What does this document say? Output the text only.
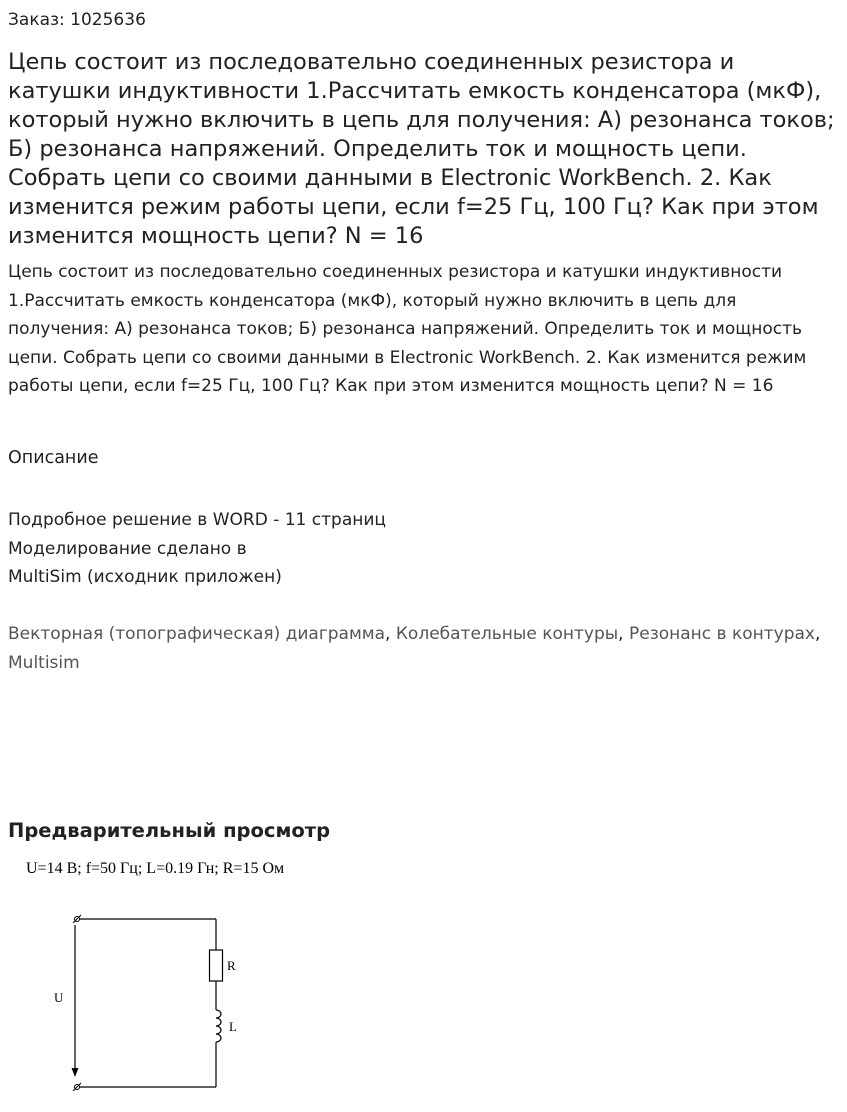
Заказ: 1025636
Цепь состоит из последовательно соединенных резистора и катушки индуктивности 1.Рассчитать емкость конденсатора (мкФ), который нужно включить в цепь для получения: А) резонанса токов; Б) резонанса напряжений. Определить ток и мощность цепи. Собрать цепи со своими данными в Electronic WorkBench. 2. Как изменится режим работы цепи, если f=25 Гц, 100 Гц? Как при этом изменится мощность цепи? N = 16

Цепь состоит из последовательно соединенных резистора и катушки индуктивности 1.Рассчитать емкость конденсатора (мкФ), который нужно включить в цепь для получения: А) резонанса токов; Б) резонанса напряжений. Определить ток и мощность цепи. Собрать цепи со своими данными в Electronic WorkBench. 2. Как изменится режим работы цепи, если f=25 Гц, 100 Гц? Как при этом изменится мощность цепи? N = 16

Описание
Подробное решение в WORD - 11 страниц
Моделирование сделано в
MultiSim (исходник приложен)
Векторная (топографическая) диаграмма, Колебательные контуры, Резонанс в контурах, Multisim
Предварительный просмотр
U=14 В; f=50 Гц; L=0.19 Гн; R=15 Ом
U
R
L
